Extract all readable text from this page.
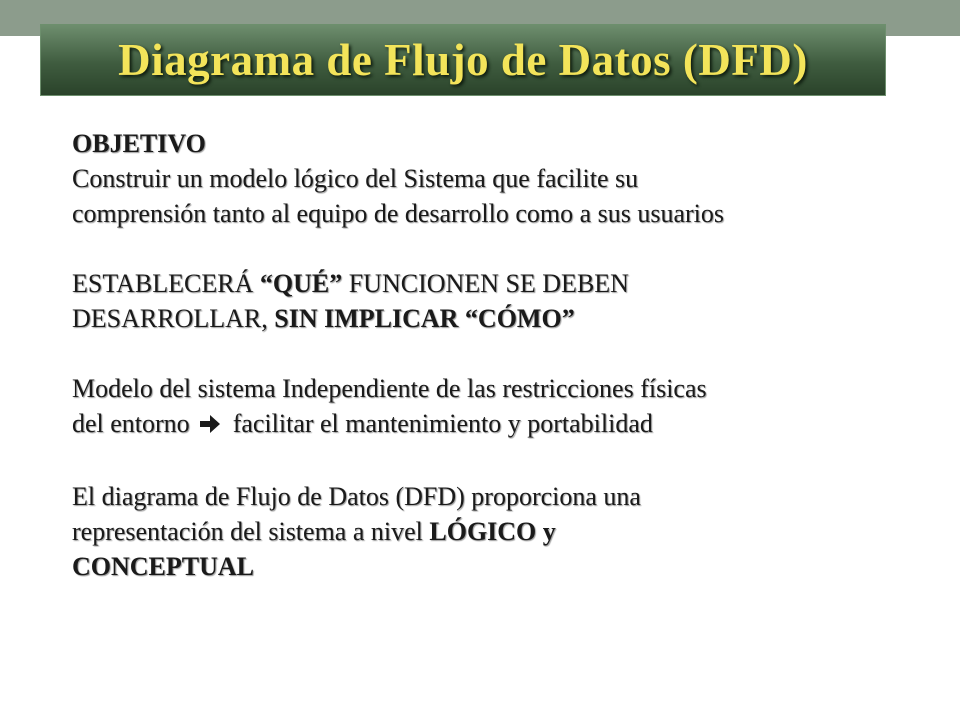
Diagrama de Flujo de Datos (DFD)
OBJETIVO
Construir un modelo lógico del Sistema que facilite su
comprensión tanto al equipo de desarrollo como a sus usuarios
ESTABLECERÁ “QUÉ” FUNCIONEN SE DEBEN
DESARROLLAR, SIN IMPLICAR “CÓMO”
Modelo del sistema Independiente de las restricciones físicas
del entorno facilitar el mantenimiento y portabilidad
El diagrama de Flujo de Datos (DFD) proporciona una
representación del sistema a nivel LÓGICO y
CONCEPTUAL
